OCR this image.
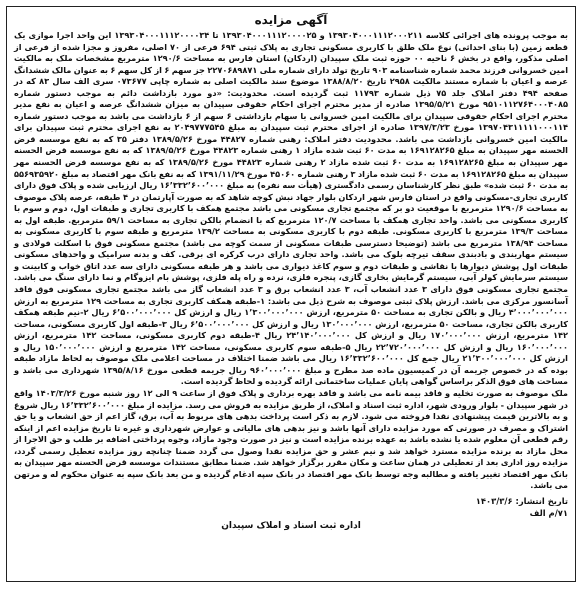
آگهی مزایده

به موجب پرونده های اجرائی کلاسه ۱۳۹۳۰۴۰۰۰۱۱۱۲۰۰۰۲۱۱ و ۱۳۹۳۰۴۰۰۰۱۱۱۲۰۰۰۰۲۵ تا ۱۳۹۳۰۴۰۰۰۱۱۱۲۰۰۰۰۳۴ این واحد اجرا موازی یک قطعه زمین (با بنای احداثی) نوع ملک طلق با کاربری مسکونی تجاری به پلاک ثبتی ۶۹۴ فرعی از ۷۰ اصلی، مفروز و مجزا شده از فرعی از اصلی مذکور، واقع در بخش ۶ ناحیه ۰۰ حوزه ثبت ملک سپیدان (اردکان) استان فارس به مساحت ۱۲۹۰/۶ مترمربع مشخصات ملک به مالکیت امین خسروانی فرزند محمد شماره شناسنامه ۹۰۳ تاریخ تولد دارای شماره ملی ۲۲۷۰۶۸۹۸۷۱ جز سهم ۶ از کل سهم ۶ به عنوان مالک ششدانگ عرصه و اعیان با شماره مستند مالکیت ۲۹۵۸ تاریخ ۱۳۸۸/۸/۲۰ موضوع سند مالکیت اصلی به شماره چاپی ۰۷۳۶۷۷ سری الف سال ۸۳ که در صفحه ۴۹۴ دفتر املاک جلد ۷۵ ذیل شماره ۱۱۷۹۳ ثبت گردیده است. محدودیت: «دو مورد بازداشت دائم به موجب دستور شماره ۹۵۱۰۱۱۲۷۶۴۰۰۰۴۰۸۵ مورخ ۱۳۹۵/۵/۲۱ صادره از مدیر محترم اجرای احکام حقوقی سپیدان به میزان ششدانگ عرصه و اعیان به نفع مدیر محترم اجرای احکام حقوقی سپیدان برای مالکیت امین خسروانی با سهام بازداشتی ۶ سهم از ۶ بازداشت می باشد به موجب دستور شماره ۱۳۹۷۰۴۳۱۱۱۱۱۰۰۰۱۱۴ مورخ ۱۳۹۷/۳/۲۳ صادره از اجرای محترم ثبت سپیدان به مبلغ ۲۰۴۹۷۷۷۵۴۵ به نفع اجرای محترم ثبت سپیدان برای مالکیت امین خسروانی بازداشت می باشد. محدودیت دفتر املاک: رهنی شماره ۴۴۸۲۷ مورخ ۱۳۸۹/۵/۲۶ دفتر ۳۵ که به نفع موسسه قرض الحسنه مهر سپیدان به مبلغ ۱۶۹۱۲۸۲۶۵ به مدت ۶۰ ثبت شده مازاد ۱ رهنی شماره ۴۴۸۲۳ مورخ ۱۳۸۹/۵/۲۶ که به نفع موسسه قرض الحسنه مهر سپیدان به مبلغ ۱۶۹۱۲۸۲۶۵ به مدت ۶۰ ثبت شده مازاد ۲ رهنی شماره ۴۴۸۲۳ مورخ ۱۳۸۹/۵/۲۶ که به نفع موسسه قرض الحسنه مهر سپیدان به مبلغ ۱۶۹۱۲۸۲۶۵ به مدت ۶۰ ثبت شده مازاد ۳ رهنی شماره ۴۵۰۶۰ مورخ ۱۳۹۱/۱۱/۲۹ که به نفع بانک مهر اقتصاد به مبلغ ۵۵۶۹۳۵۹۲۰ به مدت ۶۰ ثبت شده» طبق نظر کارشناسان رسمی دادگستری (هیأت سه نفره) به مبلغ ۱۶٬۳۳۲٬۶۰۰٬۰۰۰ ریال ارزیابی شده و پلاک فوق دارای کاربری تجاری-مسکونی واقع در استان فارس شهر اردکان بلوار جهاد نبش کوچه شاهد که به صورت آپارتمان در ۴ طبقه، عرصه پلاک موصوف به مساحت ۱۲۹۰/۶ مترمربع با موقعیت دو بر که مجتمع تجاری مسکونی می باشد مجتمع همکف با کاربری تجاری و طبقات اول، دوم و سوم با کاربری مسکونی می باشد. واحد تجاری همکف با مساحت ۱۲۰/۷ مترمربع که با انضمام بالکن تجاری به مساحت ۵۹/۱ مترمربع. طبقه اول به مساحت ۱۳۹/۳ مترمربع با کاربری مسکونی. طبقه دوم با کاربری مسکونی به مساحت ۱۳۹/۲ مترمربع و طبقه سوم با کاربری مسکونی به مساحت ۱۳۸/۹۴ مترمربع می باشد (توضیحا دسترسی طبقات مسکونی از سمت کوچه می باشد) مجتمع مسکونی فوق با اسکلت فولادی و سیستم مهاربندی و بادبندی سقف تیرچه بلوک می باشد. واحد تجاری دارای درب کرکره ای برقی. کف و بدنه سرامیک و واحدهای مسکونی طبقات اول پوشش دیوارها با نقاشی و طبقات دوم و سوم کاغذ دیواری می باشد و هر طبقه مسکونی دارای سه عدد اتاق خواب و کابینت و سیستم سرمایش کولر آبی، سیستم گرمایش بخاری گازی، پنجره فلزی، نرده و راه پله فلزی، پوشش بام ایزوگام و نما دارای سنگ می باشد. مجتمع تجاری مسکونی فوق دارای ۳ عدد انشعاب آب، ۳ عدد انشعاب برق و ۳ عدد انشعاب گاز می باشد مجتمع تجاری مسکونی فوق فاقد آسانسور مرکزی می باشد. ارزش پلاک ثبتی موصوف به شرح ذیل می باشد: ۱-طبقه همکف کاربری تجاری به مساحت ۱۲۹ مترمربع به ارزش ۴٬۰۰۰٬۰۰۰٬۰۰۰ ریال و بالکن تجاری به مساحت ۵۰ مترمربع، ارزش ۱٬۳۰۰٬۰۰۰٬۰۰۰ ریال و ارزش کل ۶٬۵۰۰٬۰۰۰٬۰۰۰ ریال ۲-نیم طبقه همکف کاربری بالکن تجاری، مساحت ۵۰ مترمربع، ارزش ۱۳۰٬۰۰۰٬۰۰۰ ریال و ارزش کل ۶٬۵۰۰٬۰۰۰٬۰۰۰ ریال ۳-طبقه اول کاربری مسکونی، مساحت ۱۴۲ مترمربع، ارزش ۱۷۰٬۰۰۰٬۰۰۰ ریال و ارزش کل ۲۴٬۱۴۰٬۰۰۰٬۰۰۰ ریال ۴-طبقه دوم کاربری مسکونی، مساحت ۱۴۲ مترمربع، ارزش ۱۶۰٬۰۰۰٬۰۰۰ ریال و ارزش کل ۲۲٬۷۲۰٬۰۰۰٬۰۰۰ ریال ۵-طبقه سوم کاربری مسکونی، مساحت ۱۴۲ مترمربع و ارزش ۱۵۰٬۰۰۰٬۰۰۰ ریال و ارزش کل ۲۱٬۳۰۰٬۰۰۰٬۰۰۰ ریال جمع کل ۱۶٬۳۳۲٬۶۰۰٬۰۰۰ ریال می باشد ضمنا اختلاف در مساحت اعلامی ملک موصوف به لحاظ مازاد طبقه بوده که در خصوص جریمه آن در کمیسیون ماده صد مطرح و مبلغ ۹۶۰٬۰۰۰٬۰۰۰ ریال جریمه قطعی مورخ ۱۳۹۵/۸/۱۶ شهرداری می باشد و مساحت های فوق الذکر براساس گواهی پایان عملیات ساختمانی ارائه گردیده و لحاظ گردیده است.

ملک موصوف به صورت تخلیه و فاقد بیمه نامه می باشد و فاقد بهره برداری و پلاک فوق از ساعت ۹ الی ۱۲ روز شنبه مورخ ۱۴۰۳/۳/۲۶ واقع در شهر سپیدان - بلوار ورودی شهر، اداره ثبت اسناد و املاک، از طریق مزایده به فروش می رسد. مزایده از مبلغ ۱۶٬۳۳۲٬۶۰۰٬۰۰۰ ریال شروع و به بالاترین قیمت پیشنهادی نقدا فروخته می شود. لازم به ذکر است پرداخت بدهی های مربوط به آب، برق، گاز اعم از حق انشعاب و یا حق اشتراک و مصرف در صورتی که مورد مزایده دارای آنها باشد و نیز بدهی های مالیاتی و عوارض شهرداری و غیره تا تاریخ مزایده اعم از اینکه رقم قطعی آن معلوم شده یا نشده باشد به عهده برنده مزایده است و نیز در صورت وجود مازاد، وجوه پرداختی اضافه بر طلب و حق الاجرا از محل مازاد به برنده مزایده مسترد خواهد شد و نیم عشر و حق مزایده نقدا وصول می گردد ضمنا چنانچه روز مزایده تعطیل رسمی گردد، مزایده روز اداری بعد از تعطیلی در همان ساعت و مکان مقرر برگزار خواهد شد. ضمنا مطابق مستندات موسسه قرض الحسنه مهر سپیدان به بانک مهر اقتصاد تغییر یافته و مطالبه وجه توسط بانک مهر اقتصاد در بانک سپه ادغام گردیده و من بعد بانک سپه به عنوان محکوم له و مرتهن می باشد.

تاریخ انتشار: ۱۴۰۳/۳/۶
۷۱/م الف
اداره ثبت اسناد و املاک سپیدان
